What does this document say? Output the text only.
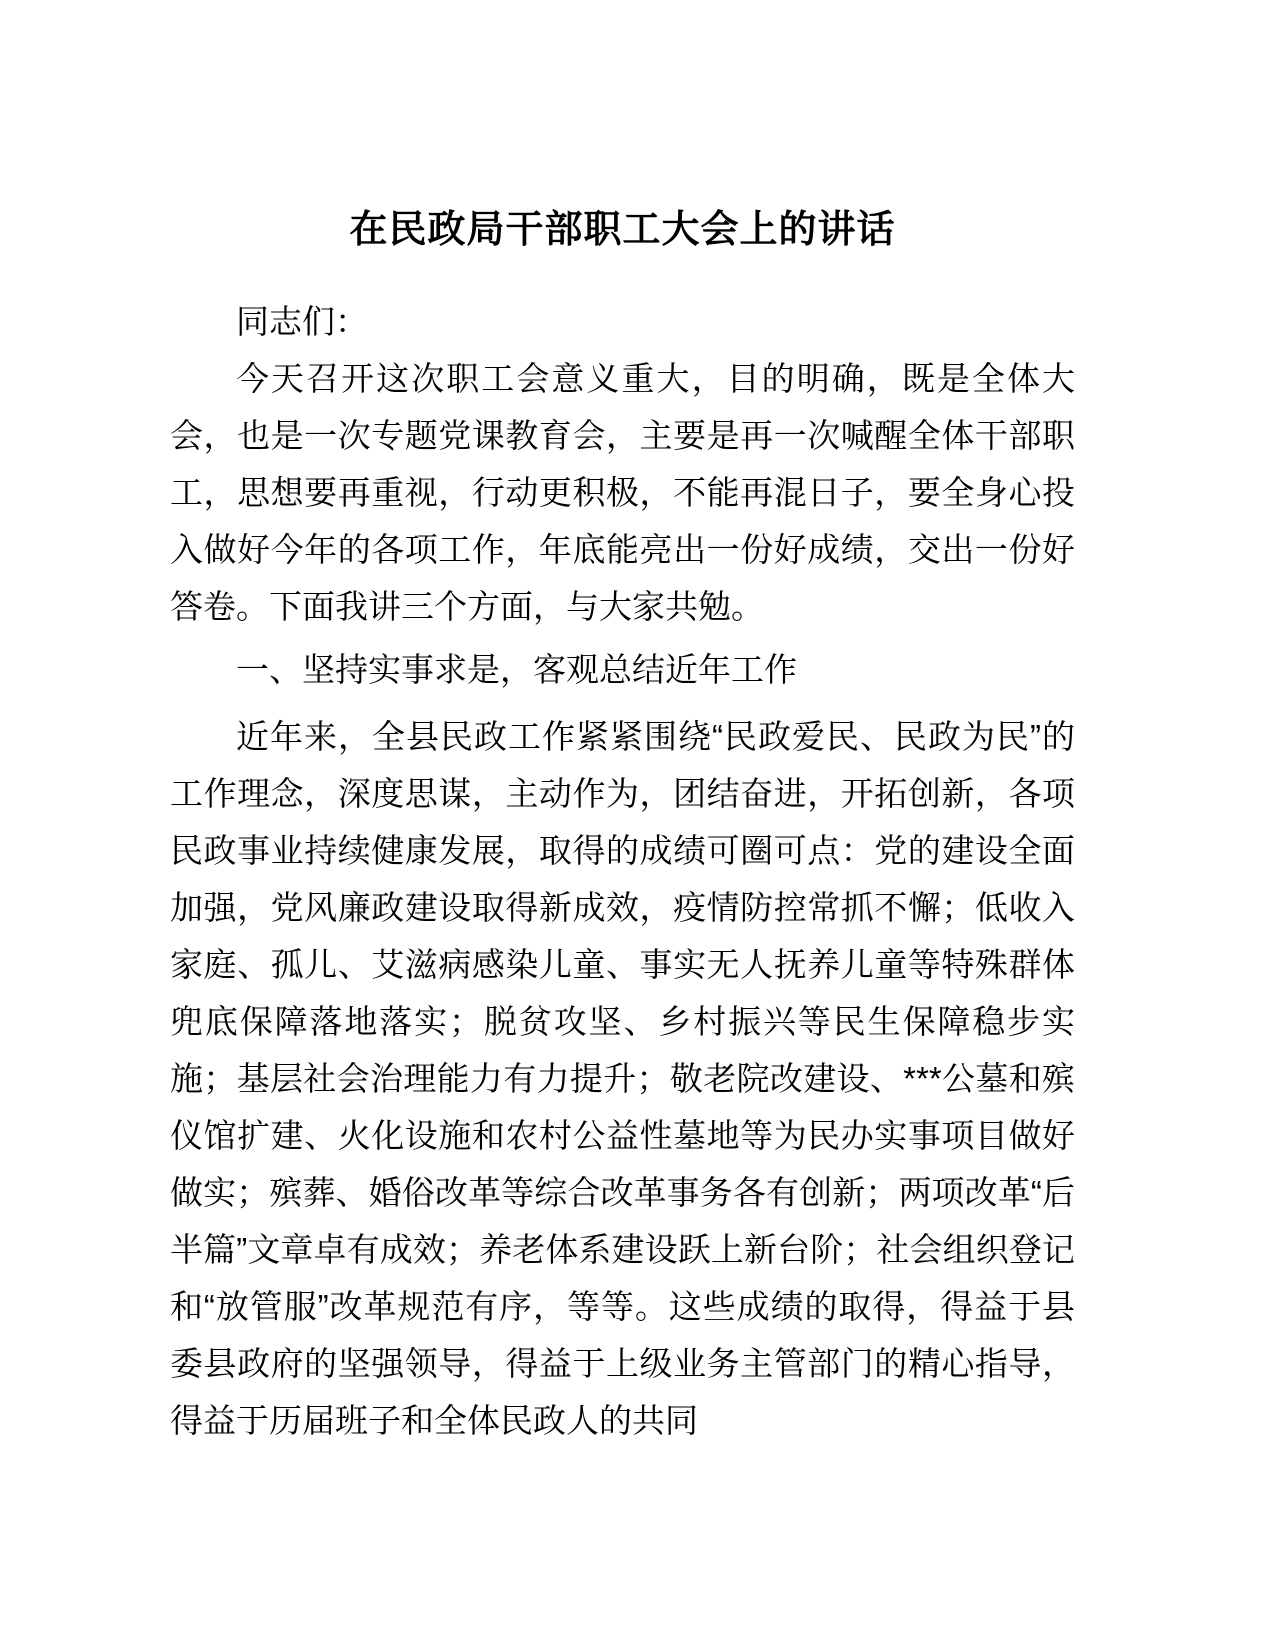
在民政局干部职工大会上的讲话

同志们：

今天召开这次职工会意义重大，目的明确，既是全体大会，也是一次专题党课教育会，主要是再一次喊醒全体干部职工，思想要再重视，行动更积极，不能再混日子，要全身心投入做好今年的各项工作，年底能亮出一份好成绩，交出一份好答卷。下面我讲三个方面，与大家共勉。

一、坚持实事求是，客观总结近年工作

近年来，全县民政工作紧紧围绕“民政爱民、民政为民”的工作理念，深度思谋，主动作为，团结奋进，开拓创新，各项民政事业持续健康发展，取得的成绩可圈可点：党的建设全面加强，党风廉政建设取得新成效，疫情防控常抓不懈；低收入家庭、孤儿、艾滋病感染儿童、事实无人抚养儿童等特殊群体兜底保障落地落实；脱贫攻坚、乡村振兴等民生保障稳步实施；基层社会治理能力有力提升；敬老院改建设、***公墓和殡仪馆扩建、火化设施和农村公益性墓地等为民办实事项目做好做实；殡葬、婚俗改革等综合改革事务各有创新；两项改革“后半篇”文章卓有成效；养老体系建设跃上新台阶；社会组织登记和“放管服”改革规范有序，等等。这些成绩的取得，得益于县委县政府的坚强领导，得益于上级业务主管部门的精心指导，得益于历届班子和全体民政人的共同
